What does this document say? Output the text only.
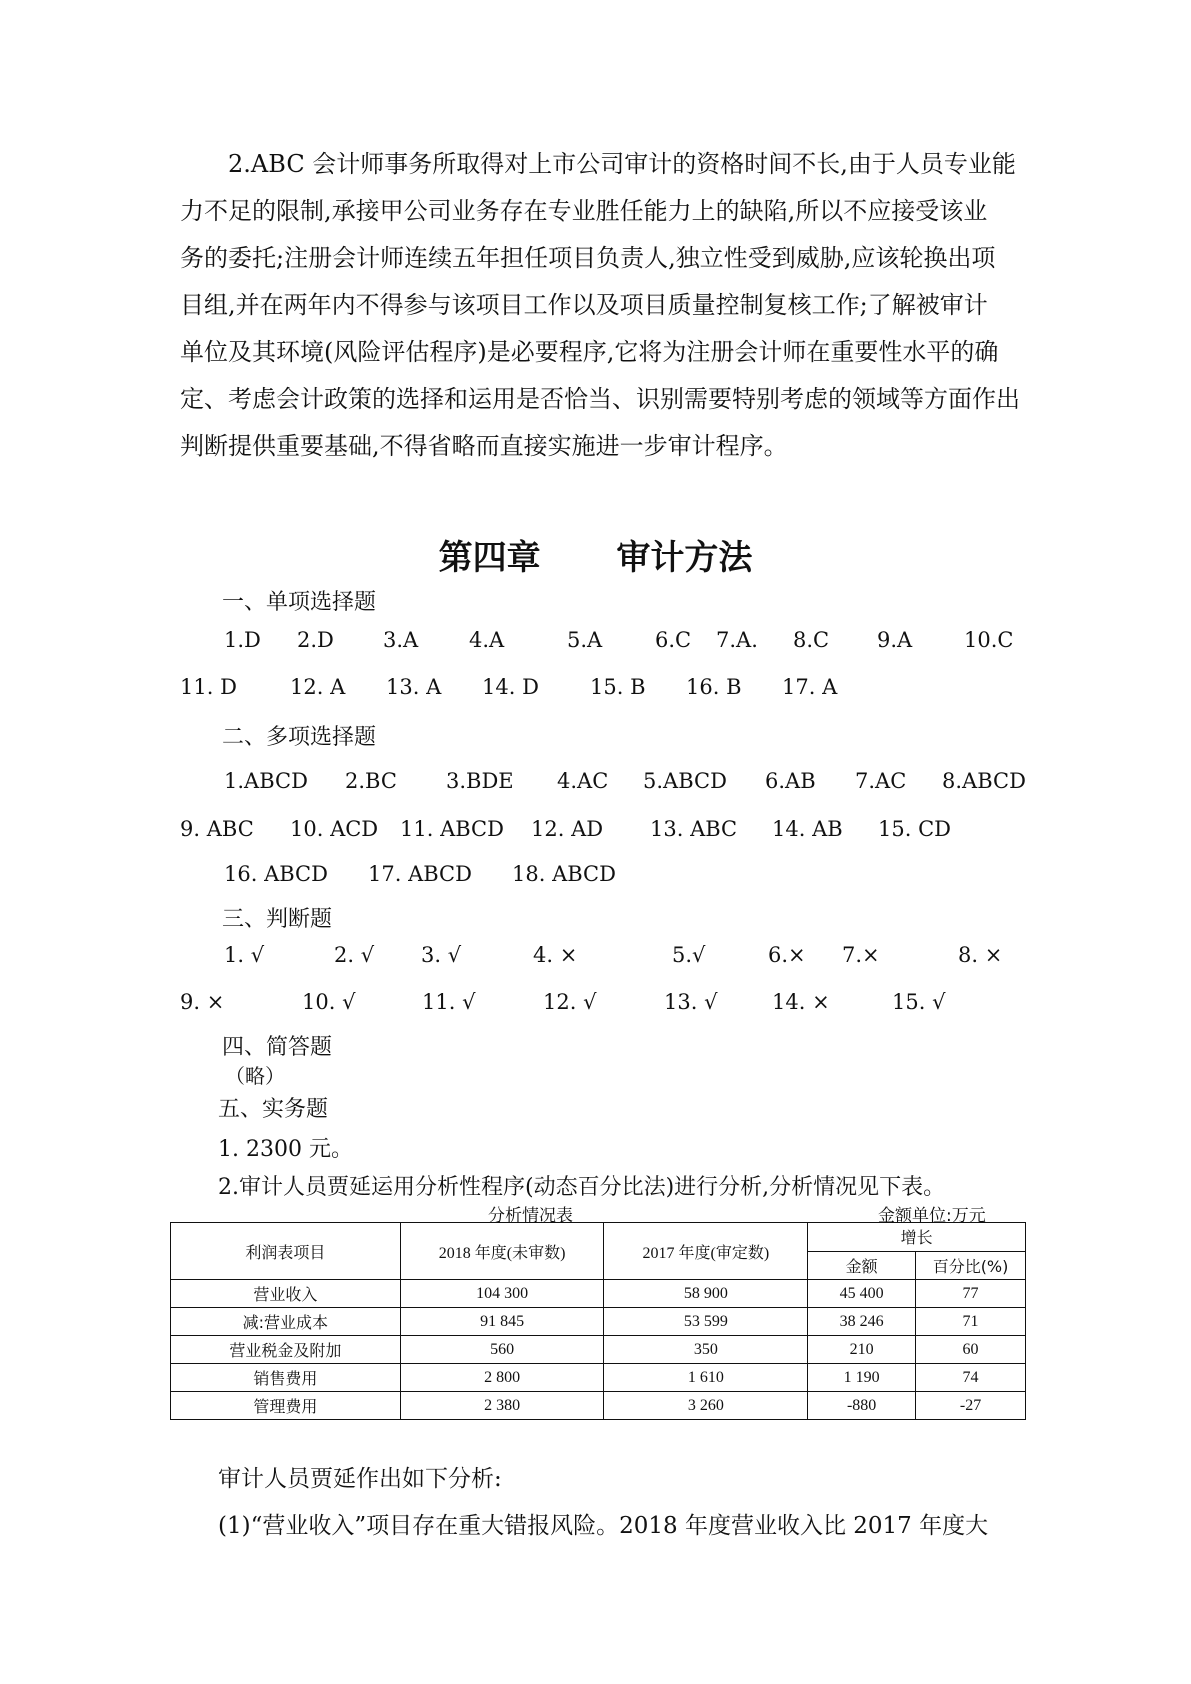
2.ABC 会计师事务所取得对上市公司审计的资格时间不长,由于人员专业能
力不足的限制,承接甲公司业务存在专业胜任能力上的缺陷,所以不应接受该业
务的委托;注册会计师连续五年担任项目负责人,独立性受到威胁,应该轮换出项
目组,并在两年内不得参与该项目工作以及项目质量控制复核工作;了解被审计
单位及其环境(风险评估程序)是必要程序,它将为注册会计师在重要性水平的确
定、考虑会计政策的选择和运用是否恰当、识别需要特别考虑的领域等方面作出
判断提供重要基础,不得省略而直接实施进一步审计程序。
第四章 审计方法
一、单项选择题
1.D 2.D 3.A 4.A	5.A	6.C 7.A. 8.C 9.A 10.C
11. D	12. A 13. A 14. D 15. B 16. B 17. A
二、多项选择题
1.ABCD 2.BC 3.BDE 4.AC 5.ABCD 6.AB 7.AC 8.ABCD
9. ABC 10. ACD 11. ABCD 12. AD 13. ABC 14. AB 15. CD
16. ABCD 17. ABCD 18. ABCD
三、判断题
1. √	2. √ 3. √	4. ×	5.√	6.× 7.×	8. ×
9. ×	10. √	11. √	12. √	13. √	14. ×	15. √
四、简答题
（略）
五、实务题
1. 2300 元。
2.审计人员贾延运用分析性程序(动态百分比法)进行分析,分析情况见下表。
分析情况表	金额单位:万元
利润表项目	2018 年度(未审数)	2017 年度(审定数)	增长	
			金额	百分比(%)
营业收入	104 300	58 900	45 400	77
减:营业成本	91 845	53 599	38 246	71
营业税金及附加	560	350	210	60
销售费用	2 800	1 610	1 190	74
管理费用	2 380	3 260	-880	-27
审计人员贾延作出如下分析:
(1)“营业收入”项目存在重大错报风险。2018 年度营业收入比 2017 年度大
